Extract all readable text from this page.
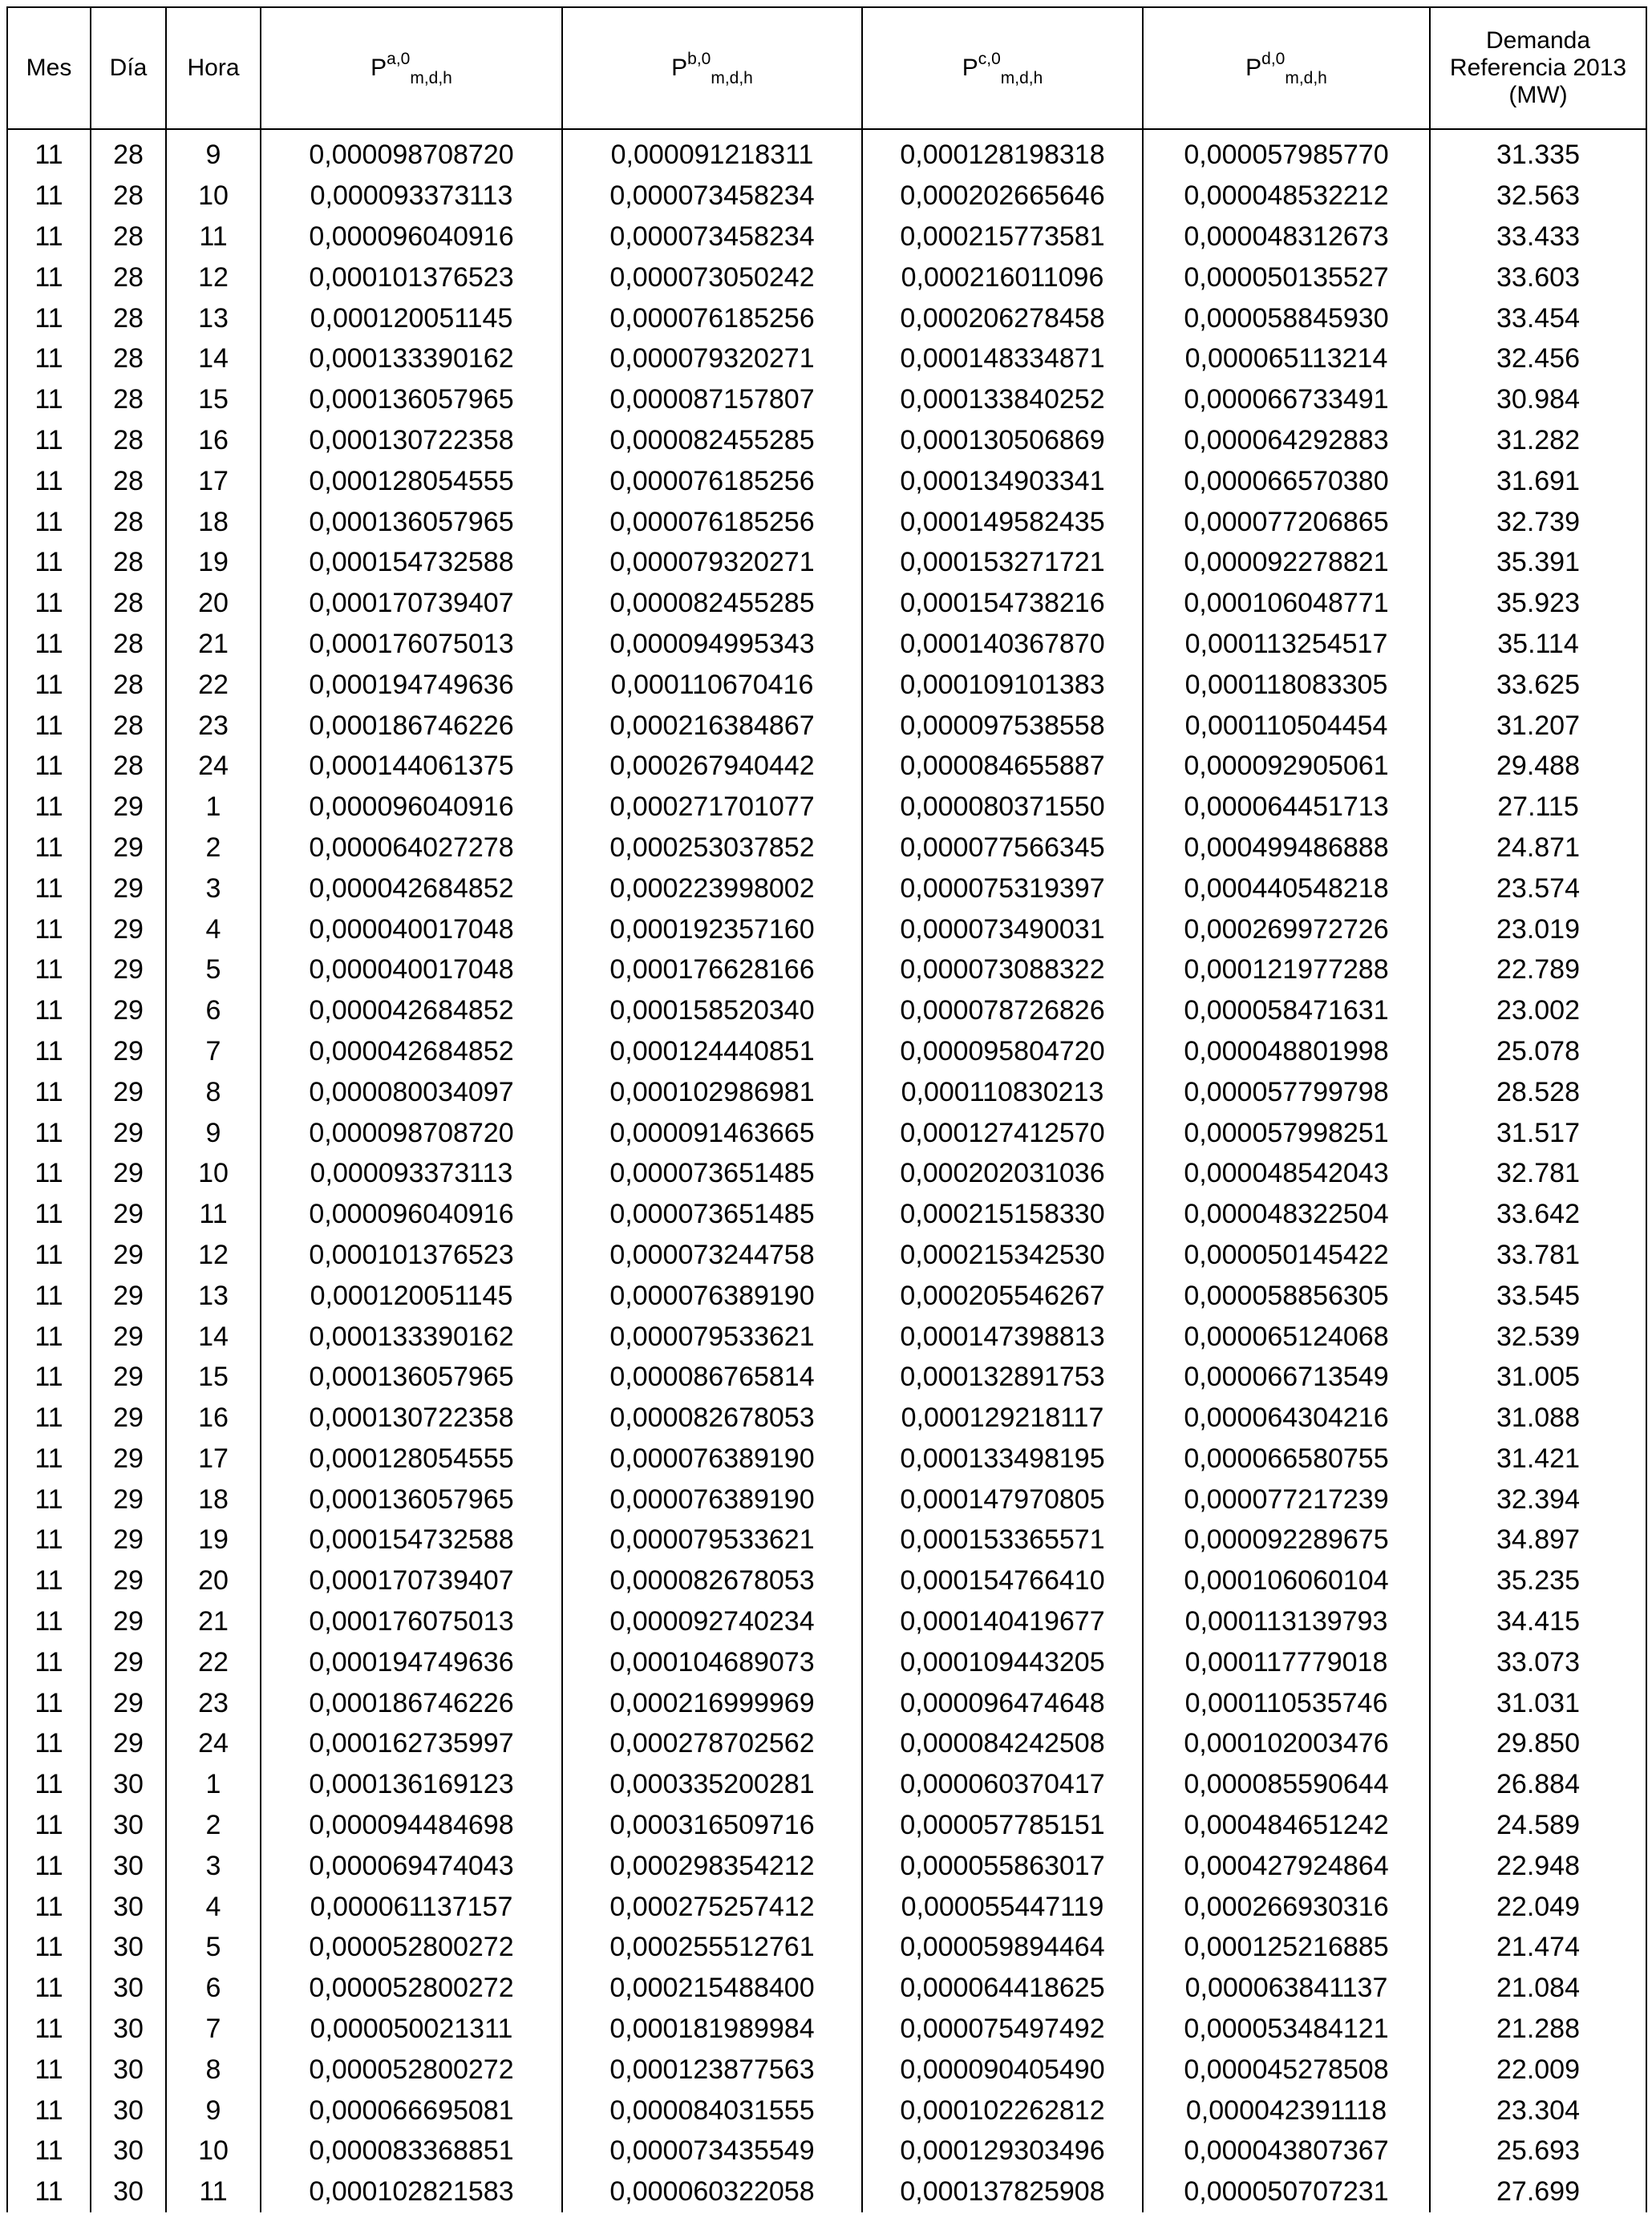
Mes	Día	Hora	P$^{a,0}_{m,d,h}$	P$^{b,0}_{m,d,h}$	P$^{c,0}_{m,d,h}$	P$^{d,0}_{m,d,h}$	Demanda
Referencia 2013
(MW)

11	28	9	0,000098708720	0,000091218311	0,000128198318	0,000057985770	31.335
11	28	10	0,000093373113	0,000073458234	0,000202665646	0,000048532212	32.563
11	28	11	0,000096040916	0,000073458234	0,000215773581	0,000048312673	33.433
11	28	12	0,000101376523	0,000073050242	0,000216011096	0,000050135527	33.603
11	28	13	0,000120051145	0,000076185256	0,000206278458	0,000058845930	33.454
11	28	14	0,000133390162	0,000079320271	0,000148334871	0,000065113214	32.456
11	28	15	0,000136057965	0,000087157807	0,000133840252	0,000066733491	30.984
11	28	16	0,000130722358	0,000082455285	0,000130506869	0,000064292883	31.282
11	28	17	0,000128054555	0,000076185256	0,000134903341	0,000066570380	31.691
11	28	18	0,000136057965	0,000076185256	0,000149582435	0,000077206865	32.739
11	28	19	0,000154732588	0,000079320271	0,000153271721	0,000092278821	35.391
11	28	20	0,000170739407	0,000082455285	0,000154738216	0,000106048771	35.923
11	28	21	0,000176075013	0,000094995343	0,000140367870	0,000113254517	35.114
11	28	22	0,000194749636	0,000110670416	0,000109101383	0,000118083305	33.625
11	28	23	0,000186746226	0,000216384867	0,000097538558	0,000110504454	31.207
11	28	24	0,000144061375	0,000267940442	0,000084655887	0,000092905061	29.488
11	29	1	0,000096040916	0,000271701077	0,000080371550	0,000064451713	27.115
11	29	2	0,000064027278	0,000253037852	0,000077566345	0,000499486888	24.871
11	29	3	0,000042684852	0,000223998002	0,000075319397	0,000440548218	23.574
11	29	4	0,000040017048	0,000192357160	0,000073490031	0,000269972726	23.019
11	29	5	0,000040017048	0,000176628166	0,000073088322	0,000121977288	22.789
11	29	6	0,000042684852	0,000158520340	0,000078726826	0,000058471631	23.002
11	29	7	0,000042684852	0,000124440851	0,000095804720	0,000048801998	25.078
11	29	8	0,000080034097	0,000102986981	0,000110830213	0,000057799798	28.528
11	29	9	0,000098708720	0,000091463665	0,000127412570	0,000057998251	31.517
11	29	10	0,000093373113	0,000073651485	0,000202031036	0,000048542043	32.781
11	29	11	0,000096040916	0,000073651485	0,000215158330	0,000048322504	33.642
11	29	12	0,000101376523	0,000073244758	0,000215342530	0,000050145422	33.781
11	29	13	0,000120051145	0,000076389190	0,000205546267	0,000058856305	33.545
11	29	14	0,000133390162	0,000079533621	0,000147398813	0,000065124068	32.539
11	29	15	0,000136057965	0,000086765814	0,000132891753	0,000066713549	31.005
11	29	16	0,000130722358	0,000082678053	0,000129218117	0,000064304216	31.088
11	29	17	0,000128054555	0,000076389190	0,000133498195	0,000066580755	31.421
11	29	18	0,000136057965	0,000076389190	0,000147970805	0,000077217239	32.394
11	29	19	0,000154732588	0,000079533621	0,000153365571	0,000092289675	34.897
11	29	20	0,000170739407	0,000082678053	0,000154766410	0,000106060104	35.235
11	29	21	0,000176075013	0,000092740234	0,000140419677	0,000113139793	34.415
11	29	22	0,000194749636	0,000104689073	0,000109443205	0,000117779018	33.073
11	29	23	0,000186746226	0,000216999969	0,000096474648	0,000110535746	31.031
11	29	24	0,000162735997	0,000278702562	0,000084242508	0,000102003476	29.850
11	30	1	0,000136169123	0,000335200281	0,000060370417	0,000085590644	26.884
11	30	2	0,000094484698	0,000316509716	0,000057785151	0,000484651242	24.589
11	30	3	0,000069474043	0,000298354212	0,000055863017	0,000427924864	22.948
11	30	4	0,000061137157	0,000275257412	0,000055447119	0,000266930316	22.049
11	30	5	0,000052800272	0,000255512761	0,000059894464	0,000125216885	21.474
11	30	6	0,000052800272	0,000215488400	0,000064418625	0,000063841137	21.084
11	30	7	0,000050021311	0,000181989984	0,000075497492	0,000053484121	21.288
11	30	8	0,000052800272	0,000123877563	0,000090405490	0,000045278508	22.009
11	30	9	0,000066695081	0,000084031555	0,000102262812	0,000042391118	23.304
11	30	10	0,000083368851	0,000073435549	0,000129303496	0,000043807367	25.693
11	30	11	0,000102821583	0,000060322058	0,000137825908	0,000050707231	27.699
